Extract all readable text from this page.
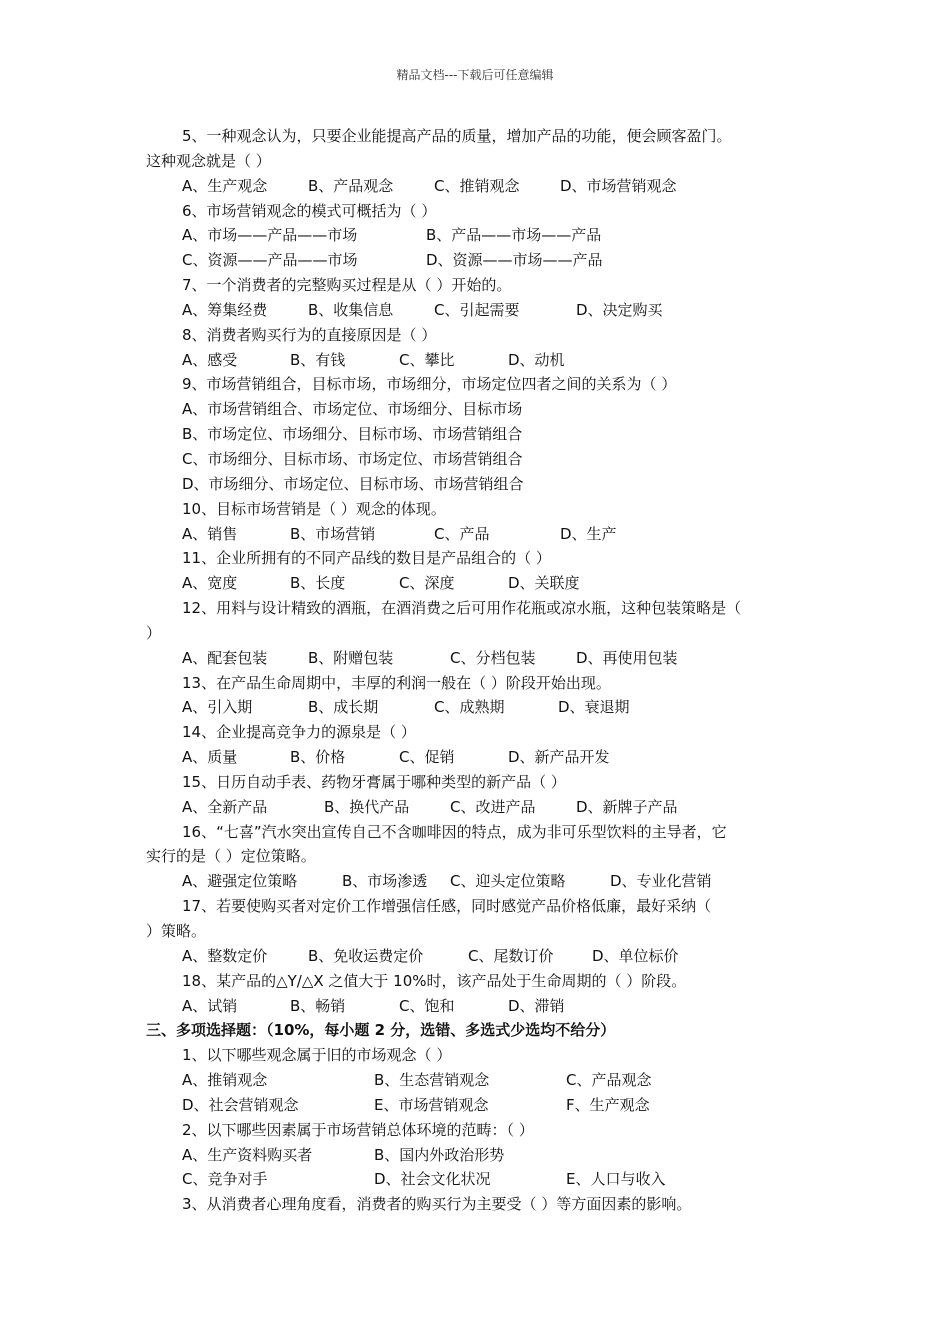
精品文档---下载后可任意编辑
5、一种观念认为，只要企业能提高产品的质量，增加产品的功能，便会顾客盈门。
这种观念就是（ ）
A、生产观念	B、产品观念	C、推销观念	D、市场营销观念
6、市场营销观念的模式可概括为（ ）
A、市场——产品——市场	B、产品——市场——产品
C、资源——产品——市场	D、资源——市场——产品
7、一个消费者的完整购买过程是从（ ）开始的。
A、筹集经费	B、收集信息	C、引起需要	D、决定购买
8、消费者购买行为的直接原因是（ ）
A、感受	B、有钱	C、攀比	D、动机
9、市场营销组合，目标市场，市场细分，市场定位四者之间的关系为（ ）
A、市场营销组合、市场定位、市场细分、目标市场
B、市场定位、市场细分、目标市场、市场营销组合
C、市场细分、目标市场、市场定位、市场营销组合
D、市场细分、市场定位、目标市场、市场营销组合
10、目标市场营销是（ ）观念的体现。
A、销售	B、市场营销	C、产品	D、生产
11、企业所拥有的不同产品线的数目是产品组合的（ ）
A、宽度	B、长度	C、深度	D、关联度
12、用料与设计精致的酒瓶，在酒消费之后可用作花瓶或凉水瓶，这种包装策略是（
）
A、配套包装	B、附赠包装	C、分档包装	D、再使用包装
13、在产品生命周期中，丰厚的利润一般在（ ）阶段开始出现。
A、引入期	B、成长期	C、成熟期	D、衰退期
14、企业提高竞争力的源泉是（ ）
A、质量	B、价格	C、促销	D、新产品开发
15、日历自动手表、药物牙膏属于哪种类型的新产品（ ）
A、全新产品	B、换代产品	C、改进产品	D、新牌子产品
16、“七喜”汽水突出宣传自己不含咖啡因的特点，成为非可乐型饮料的主导者，它
实行的是（ ）定位策略。
A、避强定位策略	B、市场渗透 C、迎头定位策略	D、专业化营销
17、若要使购买者对定价工作增强信任感，同时感觉产品价格低廉，最好采纳（
）策略。
A、整数定价	B、免收运费定价	C、尾数订价	D、单位标价
18、某产品的△Y/△X 之值大于 10%时，该产品处于生命周期的（ ）阶段。
A、试销	B、畅销	C、饱和	D、滞销
三、多项选择题：（10%，每小题 2 分，选错、多选式少选均不给分）
1、以下哪些观念属于旧的市场观念（ ）
A、推销观念	B、生态营销观念	C、产品观念
D、社会营销观念	E、市场营销观念	F、生产观念
2、以下哪些因素属于市场营销总体环境的范畴：（ ）
A、生产资料购买者	B、国内外政治形势
C、竞争对手	D、社会文化状况	E、人口与收入
3、从消费者心理角度看，消费者的购买行为主要受（ ）等方面因素的影响。
